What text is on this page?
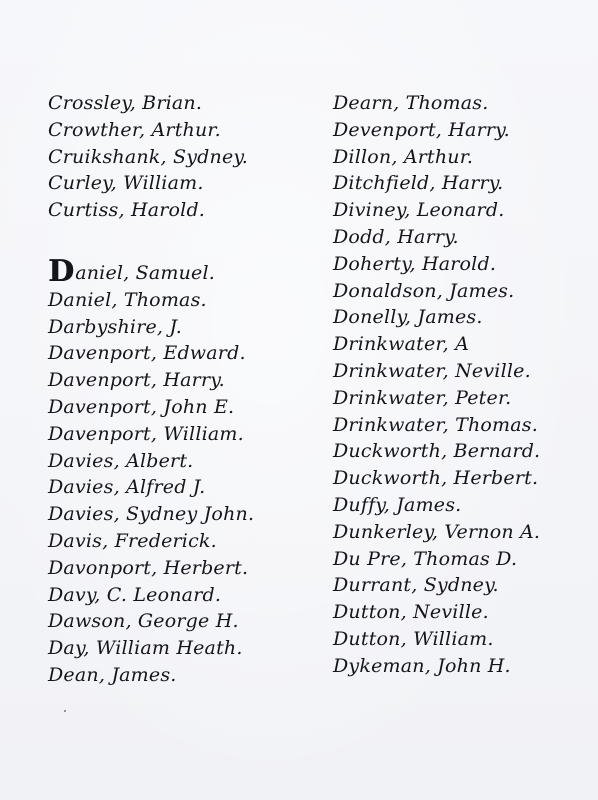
Crossley, Brian.
Crowther, Arthur.
Cruikshank, Sydney.
Curley, William.
Curtiss, Harold.
Daniel, Samuel.
Daniel, Thomas.
Darbyshire, J.
Davenport, Edward.
Davenport, Harry.
Davenport, John E.
Davenport, William.
Davies, Albert.
Davies, Alfred J.
Davies, Sydney John.
Davis, Frederick.
Davonport, Herbert.
Davy, C. Leonard.
Dawson, George H.
Day, William Heath.
Dean, James.
Dearn, Thomas.
Devenport, Harry.
Dillon, Arthur.
Ditchfield, Harry.
Diviney, Leonard.
Dodd, Harry.
Doherty, Harold.
Donaldson, James.
Donelly, James.
Drinkwater, A
Drinkwater, Neville.
Drinkwater, Peter.
Drinkwater, Thomas.
Duckworth, Bernard.
Duckworth, Herbert.
Duffy, James.
Dunkerley, Vernon A.
Du Pre, Thomas D.
Durrant, Sydney.
Dutton, Neville.
Dutton, William.
Dykeman, John H.
